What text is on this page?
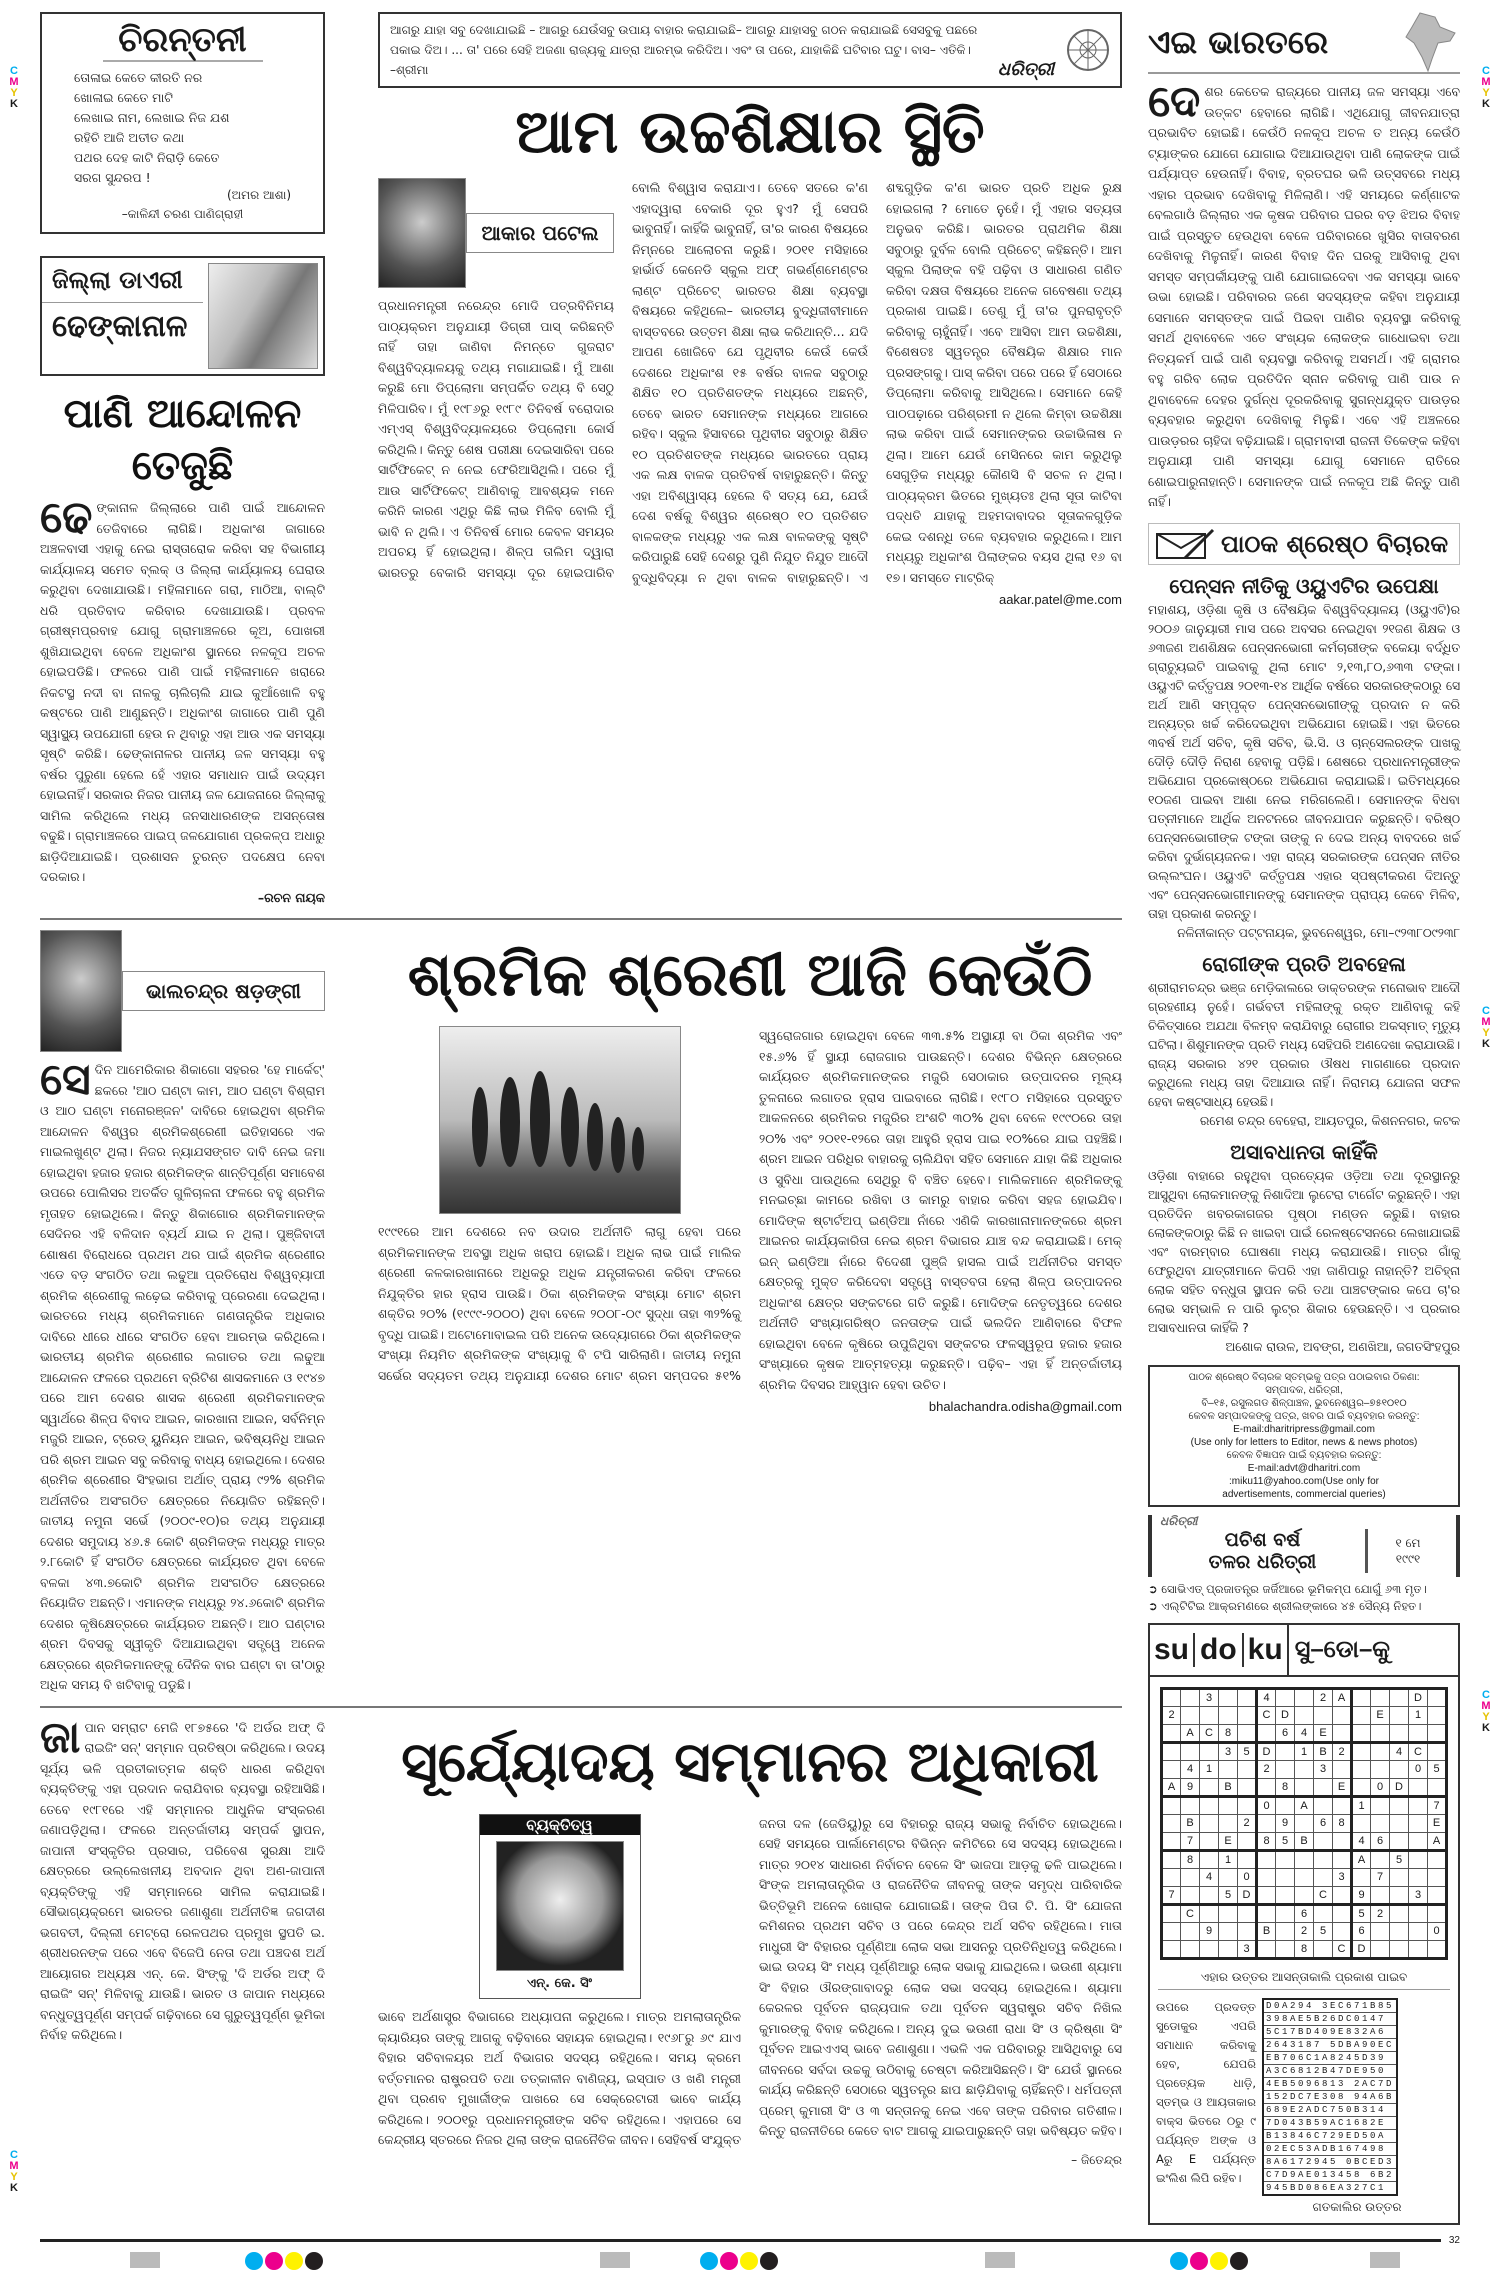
C
M
Y
K
C
M
Y
K
C
M
Y
K
C
M
Y
K
C
M
Y
K
ଚିରନ୍ତନୀ
ତୋଳାଇ କେତେ କୀରତି ନର
ଖୋଳାଇ କେତେ ମାଟି
ଲେଖାଇ ନାମ, ଲେଖାଇ ନିଜ ଯଶ
ରହିଚି ଆଜି ଅତୀତ କଥା
ପଥର ଦେହ କାଟି ନିରାଡ଼ି କେତେ
ସରଗ ସୁନ୍ଦରପ !
(ଅମର ଆଶା)
–କାଳିନ୍ଦୀ ଚରଣ ପାଣିଗ୍ରାହୀ
ଜିଲ୍ଲା ଡାଏରୀ
ଢେଙ୍କାନାଳ
ପାଣି ଆନ୍ଦୋଳନ ତେଜୁଛି
ଢେଙ୍କାନାଳ ଜିଲ୍ଲାରେ ପାଣି ପାଇଁ ଆନ୍ଦୋଳନ ତେଜିବାରେ ଲାଗିଛି। ଅଧିକାଂଶ ଜାଗାରେ ଅଞ୍ଚଳବାସୀ ଏହାକୁ ନେଇ ରାସ୍ତାରୋକ କରିବା ସହ ବିଭାଗୀୟ କାର୍ଯ୍ୟାଳୟ ସମେତ ବ୍ଲକ୍ ଓ ଜିଲ୍ଲା କାର୍ଯ୍ୟାଳୟ ଘେରାଉ କରୁଥିବା ଦେଖାଯାଉଛି। ମହିଳାମାନେ ଗରା, ମାଠିଆ, ବାଲ୍‌ଟି ଧରି ପ୍ରତିବାଦ କରିବାର ଦେଖାଯାଉଛି। ପ୍ରବଳ ଗ୍ରୀଷ୍ମପ୍ରବାହ ଯୋଗୁ ଗ୍ରାମାଞ୍ଚଳରେ କୂଅ, ପୋଖରୀ ଶୁଖିଯାଇଥିବା ବେଳେ ଅଧିକାଂଶ ସ୍ଥାନରେ ନଳକୂପ ଅଚଳ ହୋଇପଡିଛି। ଫଳରେ ପାଣି ପାଇଁ ମହିଳାମାନେ ଖରାରେ ନିକଟସ୍ଥ ନଦୀ ବା ନାଳକୁ ଚାଲିଚାଲି ଯାଇ କୁଆଁଖୋଳି ବହୁ କଷ୍ଟରେ ପାଣି ଆଣୁଛନ୍ତି। ଅଧିକାଂଶ ଜାଗାରେ ପାଣି ପୁଣି ସ୍ୱାସ୍ଥ୍ୟ ଉପଯୋଗୀ ହେଉ ନ ଥିବାରୁ ଏହା ଆଉ ଏକ ସମସ୍ୟା ସୃଷ୍ଟି କରିଛି। ଢେଙ୍କାନାଳର ପାନୀୟ ଜଳ ସମସ୍ୟା ବହୁ ବର୍ଷର ପୁରୁଣା ହେଲେ ହେଁ ଏହାର ସମାଧାନ ପାଇଁ ଉଦ୍ୟମ ହୋଇନାହିଁ। ସରକାର ନିଜର ପାନୀୟ ଜଳ ଯୋଜନାରେ ଜିଲ୍ଲାକୁ ସାମିଲ କରିଥିଲେ ମଧ୍ୟ ଜନସାଧାରଣଙ୍କ ଅସନ୍ତୋଷ ବଢୁଛି। ଗ୍ରାମାଞ୍ଚଳରେ ପାଇପ୍ ଜଳଯୋଗାଣ ପ୍ରକଳ୍ପ ଅଧାରୁ ଛାଡ଼ିଦିଆଯାଇଛି। ପ୍ରଶାସନ ତୁରନ୍ତ ପଦକ୍ଷେପ ନେବା ଦରକାର।
–ରଚନ ନାୟକ
ଆଗରୁ ଯାହା ସବୁ ଦେଖାଯାଇଛି – ଆଗରୁ ଯେଉଁସବୁ ଉପାୟ ବାହାର କରାଯାଇଛି– ଆଗରୁ ଯାହାସବୁ ଗଠନ କରାଯାଇଛି ସେସବୁକୁ ପଛରେ ପକାଇ ଦିଅ। ... ତା' ପରେ ସେହି ଅଜଣା ରାଜ୍ୟକୁ ଯାତ୍ରା ଆରମ୍ଭ କରିଦିଅ। ଏବଂ ତା ପରେ, ଯାହାକିଛି ଘଟିବାର ଘଟୁ। ବାସ– ଏତିକି।   –ଶ୍ରୀମା	ଧରିତ୍ରୀ
ଆମ ଉଚ୍ଚଶିକ୍ଷାର ସ୍ଥିତି
ଆକାର ପଟେଲ
ପ୍ରଧାନମନ୍ତ୍ରୀ ନରେନ୍ଦ୍ର ମୋଦି ପତ୍ରବିନିମୟ ପାଠ୍ୟକ୍ରମ ଅନୁଯାୟୀ ଡିଗ୍ରୀ ପାସ୍ କରିଛନ୍ତି ନାହିଁ ତାହା ଜାଣିବା ନିମନ୍ତେ ଗୁଜରାଟ ବିଶ୍ୱବିଦ୍ୟାଳୟକୁ ତଥ୍ୟ ମଗାଯାଇଛି। ମୁଁ ଆଶା କରୁଛି ମୋ ଡିପ୍ଲୋମା ସମ୍ପର୍କିତ ତଥ୍ୟ ବି ସେଠୁ ମିଳିପାରିବ। ମୁଁ ୧୯୮୬ରୁ ୧୯୮୯ ତିନିବର୍ଷ ବରୋଦାର ଏମ୍‌ଏସ୍ ବିଶ୍ୱବିଦ୍ୟାଳୟରେ ଡିପ୍ଲୋମା କୋର୍ସ କରିଥିଲି। କିନ୍ତୁ ଶେଷ ପରୀକ୍ଷା ଦେଇସାରିବା ପରେ ସାର୍ଟିଫିକେଟ୍ ନ ନେଇ ଫେରିଆସିଥିଲି। ପରେ ମୁଁ ଆଉ ସାର୍ଟିଫିକେଟ୍ ଆଣିବାକୁ ଆବଶ୍ୟକ ମନେ କରିନି କାରଣ ଏଥିରୁ କିଛି ଲାଭ ମିଳିବ ବୋଲି ମୁଁ ଭାବି ନ ଥିଲି। ଏ ତିନିବର୍ଷ ମୋର କେବଳ ସମୟର ଅପଚୟ ହିଁ ହୋଇଥିଲା। ଶିଳ୍ପ ତାଲିମ ଦ୍ୱାରା ଭାରତରୁ ବେକାରି ସମସ୍ୟା ଦୂର ହୋଇପାରିବ ବୋଲି ବିଶ୍ୱାସ କରାଯାଏ। ତେବେ ସତରେ କ'ଣ ଏହାଦ୍ୱାରା ବେକାରି ଦୂର ହୁଏ? ମୁଁ ସେପରି ଭାବୁନାହିଁ। କାହିଁକି ଭାବୁନାହିଁ, ତା'ର କାରଣ ବିଷୟରେ ନିମ୍ନରେ ଆଲୋଚନା କରୁଛି। ୨୦୧୧ ମସିହାରେ ହାର୍ଭାର୍ଡ କେନେଡି ସ୍କୁଲ ଅଫ୍ ଗଭର୍ଣ୍ଣମେଣ୍ଟର ଲାଣ୍ଟ ପ୍ରିଚେଟ୍ ଭାରତର ଶିକ୍ଷା ବ୍ୟବସ୍ଥା ବିଷୟରେ କହିଥିଲେ– ଭାରତୀୟ ବୁଦ୍ଧିଜୀବୀମାନେ ବାସ୍ତବରେ ଉତ୍ତମ ଶିକ୍ଷା ଲାଭ କରିଥାନ୍ତି... ଯଦି ଆପଣ ଖୋଜିବେ ଯେ ପୃଥିବୀର କେଉଁ କେଉଁ ଦେଶରେ ଅଧିକାଂଶ ୧୫ ବର୍ଷର ବାଳକ ସବୁଠାରୁ ଶିକ୍ଷିତ ୧୦ ପ୍ରତିଶତଙ୍କ ମଧ୍ୟରେ ଅଛନ୍ତି, ତେବେ ଭାରତ ସେମାନଙ୍କ ମଧ୍ୟରେ ଆଗରେ ରହିବ। ସ୍କୁଲ ହିସାବରେ ପୃଥିବୀର ସବୁଠାରୁ ଶିକ୍ଷିତ ୧୦ ପ୍ରତିଶତଙ୍କ ମଧ୍ୟରେ ଭାରତରେ ପ୍ରାୟ ଏକ ଲକ୍ଷ ବାଳକ ପ୍ରତିବର୍ଷ ବାହାରୁଛନ୍ତି। କିନ୍ତୁ ଏହା ଅବିଶ୍ୱାସ୍ୟ ହେଲେ ବି ସତ୍ୟ ଯେ, ଯେଉଁ ଦେଶ ବର୍ଷକୁ ବିଶ୍ୱର ଶ୍ରେଷ୍ଠ ୧୦ ପ୍ରତିଶତ ବାଳକଙ୍କ ମଧ୍ୟରୁ ଏକ ଲକ୍ଷ ବାଳକଙ୍କୁ ସୃଷ୍ଟି କରିପାରୁଛି ସେହି ଦେଶରୁ ପୁଣି ନିଯୁତ ନିଯୁତ ଆଦୌ ବୁଦ୍ଧିବିଦ୍ୟା ନ ଥିବା ବାଳକ ବାହାରୁଛନ୍ତି। ଏ ଶବ୍ଦଗୁଡ଼ିକ କ'ଣ ଭାରତ ପ୍ରତି ଅଧିକ ରୁକ୍ଷ ହୋଇଗଲା ? ମୋତେ ନୁହେଁ। ମୁଁ ଏହାର ସତ୍ୟତା ଅନୁଭବ କରିଛି। ଭାରତର ପ୍ରାଥମିକ ଶିକ୍ଷା ସବୁଠାରୁ ଦୁର୍ବଳ ବୋଲି ପ୍ରିଚେଟ୍ କହିଛନ୍ତି। ଆମ ସ୍କୁଲ ପିଲାଙ୍କ ବହି ପଢ଼ିବା ଓ ସାଧାରଣ ଗଣିତ କରିବା ଦକ୍ଷତା ବିଷୟରେ ଅନେକ ଗବେଷଣା ତଥ୍ୟ ପ୍ରକାଶ ପାଇଛି। ତେଣୁ ମୁଁ ତା'ର ପୁନରାବୃତ୍ତି କରିବାକୁ ଚାହୁଁନାହିଁ। ଏବେ ଆସିବା ଆମ ଉଚ୍ଚଶିକ୍ଷା, ବିଶେଷତଃ ସ୍ୱତନ୍ତ୍ର ବୈଷୟିକ ଶିକ୍ଷାର ମାନ ପ୍ରସଙ୍ଗକୁ। ପାସ୍ କରିବା ପରେ ପରେ ହିଁ ସେଠାରେ ଡିପ୍ଲୋମା କରିବାକୁ ଆସିଥିଲେ। ସେମାନେ କେହି ପାଠପଢ଼ାରେ ପରିଶ୍ରମୀ ନ ଥିଲେ କିମ୍ବା ଉଚ୍ଚଶିକ୍ଷା ଲାଭ କରିବା ପାଇଁ ସେମାନଙ୍କର ଉଚ୍ଚାଭିଳାଷ ନ ଥିଲା। ଆମେ ଯେଉଁ ମେସିନରେ କାମ କରୁଥିଲୁ ସେଗୁଡ଼ିକ ମଧ୍ୟରୁ କୌଣସି ବି ସଚଳ ନ ଥିଲା। ପାଠ୍ୟକ୍ରମ ଭିତରେ ମୁଖ୍ୟତଃ ଥିଲା ସୂତା କାଟିବା ପଦ୍ଧତି ଯାହାକୁ ଅହମଦାବାଦର ସୂତାକଳଗୁଡ଼ିକ କେଇ ଦଶନ୍ଧି ତଳେ ବ୍ୟବହାର କରୁଥିଲେ। ଆମ ମଧ୍ୟରୁ ଅଧିକାଂଶ ପିଲାଙ୍କର ବୟସ ଥିଲା ୧୬ ବା ୧୭। ସମସ୍ତେ ମାଟ୍ରିକ୍
aakar.patel@me.com
ଭାଲଚନ୍ଦ୍ର ଷଡ଼ଙ୍ଗୀ
ସେଦିନ ଆମେରିକାର ଶିକାଗୋ ସହରର 'ହେ ମାର୍କେଟ୍' ଛକରେ 'ଆଠ ଘଣ୍ଟା କାମ, ଆଠ ଘଣ୍ଟା ବିଶ୍ରାମ ଓ ଆଠ ଘଣ୍ଟା ମନୋରଞ୍ଜନ' ଦାବିରେ ହୋଇଥିବା ଶ୍ରମିକ ଆନ୍ଦୋଳନ ବିଶ୍ୱର ଶ୍ରମିକଶ୍ରେଣୀ ଇତିହାସରେ ଏକ ମାଇଲଖୁଣ୍ଟ ଥିଲା। ନିଜର ନ୍ୟାଯସଙ୍ଗତ ଦାବି ନେଇ ଜମା ହୋଇଥିବା ହଜାର ହଜାର ଶ୍ରମିକଙ୍କ ଶାନ୍ତିପୂର୍ଣ୍ଣ ସମାବେଶ ଉପରେ ପୋଲିସର ଅତର୍କିତ ଗୁଳିଚାଳନା ଫଳରେ ବହୁ ଶ୍ରମିକ ମୃତାହତ ହୋଇଥିଲେ। କିନ୍ତୁ ଶିକାଗୋର ଶ୍ରମିକମାନଙ୍କ ସେଦିନର ଏହି ବଳିଦାନ ବ୍ୟର୍ଥ ଯାଇ ନ ଥିଲା। ପୁଞ୍ଜିବାଦୀ ଶୋଷଣ ବିରୋଧରେ ପ୍ରଥମ ଥର ପାଇଁ ଶ୍ରମିକ ଶ୍ରେଣୀର ଏଡେ ବଡ଼ ସଂଗଠିତ ତଥା ଲଢୁଆ ପ୍ରତିରୋଧ ବିଶ୍ୱବ୍ୟାପୀ ଶ୍ରମିକ ଶ୍ରେଣୀକୁ ଲଢ଼େଇ କରିବାକୁ ପ୍ରେରଣା ଦେଇଥିଲା। ଭାରତରେ ମଧ୍ୟ ଶ୍ରମିକମାନେ ଗଣତାନ୍ତ୍ରିକ ଅଧିକାର ଦାବିରେ ଧୀରେ ଧୀରେ ସଂଗଠିତ ହେବା ଆରମ୍ଭ କରିଥିଲେ। ଭାରତୀୟ ଶ୍ରମିକ ଶ୍ରେଣୀର ଲଗାତର ତଥା ଲଢୁଆ ଆନ୍ଦୋଳନ ଫଳରେ ପ୍ରଥମେ ବ୍ରିଟିଶ ଶାସକମାନେ ଓ ୧୯୪୭ ପରେ ଆମ ଦେଶର ଶାସକ ଶ୍ରେଣୀ ଶ୍ରମିକମାନଙ୍କ ସ୍ୱାର୍ଥରେ ଶିଳ୍ପ ବିବାଦ ଆଇନ, କାରଖାନା ଆଇନ, ସର୍ବନିମ୍ନ ମଜୁରି ଆଇନ, ଟ୍ରେଡ୍ ୟୁନିୟନ ଆଇନ, ଭବିଷ୍ୟନିଧି ଆଇନ ପରି ଶ୍ରମ ଆଇନ ସବୁ କରିବାକୁ ବାଧ୍ୟ ହୋଇଥିଲେ। ଦେଶର ଶ୍ରମିକ ଶ୍ରେଣୀର ସିଂହଭାଗ ଅର୍ଥାତ୍ ପ୍ରାୟ ୯୨% ଶ୍ରମିକ ଅର୍ଥନୀତିର ଅସଂଗଠିତ କ୍ଷେତ୍ରରେ ନିୟୋଜିତ ରହିଛନ୍ତି। ଜାତୀୟ ନମୁନା ସର୍ଭେ (୨୦୦୯-୧୦)ର ତଥ୍ୟ ଅନୁଯାୟୀ ଦେଶର ସମୁଦାୟ ୪୬.୫ କୋଟି ଶ୍ରମିକଙ୍କ ମଧ୍ୟରୁ ମାତ୍ର ୨.୮କୋଟି ହିଁ ସଂଗଠିତ କ୍ଷେତ୍ରରେ କାର୍ଯ୍ୟରତ ଥିବା ବେଳେ ବଳକା ୪୩.୭କୋଟି ଶ୍ରମିକ ଅସଂଗଠିତ କ୍ଷେତ୍ରରେ ନିୟୋଜିତ ଅଛନ୍ତି। ଏମାନଙ୍କ ମଧ୍ୟରୁ ୨୪.୬କୋଟି ଶ୍ରମିକ ଦେଶର କୃଷିକ୍ଷେତ୍ରରେ କାର୍ଯ୍ୟରତ ଅଛନ୍ତି। ଆଠ ଘଣ୍ଟାର ଶ୍ରମ ଦିବସକୁ ସ୍ୱୀକୃତି ଦିଆଯାଇଥିବା ସତ୍ତ୍ୱେ ଅନେକ କ୍ଷେତ୍ରରେ ଶ୍ରମିକମାନଙ୍କୁ ଦୈନିକ ବାର ଘଣ୍ଟା ବା ତା'ଠାରୁ ଅଧିକ ସମୟ ବି ଖଟିବାକୁ ପଡୁଛି।
ଶ୍ରମିକ ଶ୍ରେଣୀ ଆଜି କେଉଁଠି
୧୯୯୧ରେ ଆମ ଦେଶରେ ନବ ଉଦାର ଅର୍ଥନୀତି ଲାଗୁ ହେବା ପରେ ଶ୍ରମିକମାନଙ୍କ ଅବସ୍ଥା ଅଧିକ ଖରାପ ହୋଇଛି। ଅଧିକ ଲାଭ ପାଇଁ ମାଲିକ ଶ୍ରେଣୀ କଳକାରଖାନାରେ ଅଧିକରୁ ଅଧିକ ଯନ୍ତ୍ରୀକରଣ କରିବା ଫଳରେ ନିଯୁକ୍ତିର ହାର ହ୍ରାସ ପାଉଛି। ଠିକା ଶ୍ରମିକଙ୍କ ସଂଖ୍ୟା ମୋଟ ଶ୍ରମ ଶକ୍ତିର ୨୦% (୧୯୯୯-୨୦୦୦) ଥିବା ବେଳେ ୨୦୦୮-୦୯ ସୁଦ୍ଧା ତାହା ୩୨%କୁ ବୃଦ୍ଧି ପାଇଛି। ଅଟୋମୋବାଇଲ ପରି ଅନେକ ଉଦ୍ୟୋଗରେ ଠିକା ଶ୍ରମିକଙ୍କ ସଂଖ୍ୟା ନିୟମିତ ଶ୍ରମିକଙ୍କ ସଂଖ୍ୟାକୁ ବି ଟପି ସାରିଲାଣି। ଜାତୀୟ ନମୁନା ସର୍ଭେର ସଦ୍ୟତମ ତଥ୍ୟ ଅନୁଯାୟୀ ଦେଶର ମୋଟ ଶ୍ରମ ସମ୍ପଦର ୫୧% ସ୍ୱରୋଜଗାର ହୋଇଥିବା ବେଳେ ୩୩.୫% ଅସ୍ଥାୟୀ ବା ଠିକା ଶ୍ରମିକ ଏବଂ ୧୫.୬% ହିଁ ସ୍ଥାୟୀ ରୋଜଗାର ପାଉଛନ୍ତି। ଦେଶର ବିଭିନ୍ନ କ୍ଷେତ୍ରରେ କାର୍ଯ୍ୟରତ ଶ୍ରମିକମାନଙ୍କର ମଜୁରି ସେଠାକାର ଉତ୍ପାଦନର ମୂଲ୍ୟ ତୁଳନାରେ ଲଗାତର ହ୍ରାସ ପାଇବାରେ ଲାଗିଛି। ୧୯୮୦ ମସିହାରେ ପ୍ରସ୍ତୁତ ଆକଳନରେ ଶ୍ରମିକର ମଜୁରିର ଅଂଶଟି ୩୦% ଥିବା ବେଳେ ୧୯୯୦ରେ ତାହା ୨୦% ଏବଂ ୨୦୧୧-୧୨ରେ ତାହା ଆହୁରି ହ୍ରାସ ପାଇ ୧୦%ରେ ଯାଇ ପହଞ୍ଚିଛି। ଶ୍ରମ ଆଇନ ପରିଧିର ବାହାରକୁ ଚାଲିଯିବା ସହିତ ସେମାନେ ଯାହା କିଛି ଅଧିକାର ଓ ସୁବିଧା ପାଉଥିଲେ ସେଥିରୁ ବି ବଞ୍ଚିତ ହେବେ। ମାଲିକମାନେ ଶ୍ରମିକଙ୍କୁ ମନଇଚ୍ଛା କାମରେ ରଖିବା ଓ କାମରୁ ବାହାର କରିବା ସହଜ ହୋଇଯିବ। ମୋଦିଙ୍କ ଷ୍ଟାର୍ଟଅପ୍ ଇଣ୍ଡିଆ ନାଁରେ ଏଣିକି କାରଖାନାମାନଙ୍କରେ ଶ୍ରମ ଆଇନର କାର୍ଯ୍ୟକାରିତା ନେଇ ଶ୍ରମ ବିଭାଗର ଯାଞ୍ଚ ବନ୍ଦ କରାଯାଇଛି। ମେକ୍ ଇନ୍ ଇଣ୍ଡିଆ ନାଁରେ ବିଦେଶୀ ପୁଞ୍ଜି ହାସଲ ପାଇଁ ଅର୍ଥନୀତିର ସମସ୍ତ କ୍ଷେତ୍ରକୁ ମୁକ୍ତ କରିଦେବା ସତ୍ତ୍ୱେ ବାସ୍ତବତା ହେଲା ଶିଳ୍ପ ଉତ୍ପାଦନର ଅଧିକାଂଶ କ୍ଷେତ୍ର ସଙ୍କଟରେ ଗତି କରୁଛି। ମୋଦିଙ୍କ ନେତୃତ୍ୱରେ ଦେଶର ଅର୍ଥନୀତି ସଂଖ୍ୟାଗରିଷ୍ଠ ଜନତାଙ୍କ ପାଇଁ ଭଲଦିନ ଆଣିବାରେ ବିଫଳ ହୋଇଥିବା ବେଳେ କୃଷିରେ ଉପୁଜିଥିବା ସଙ୍କଟର ଫଳସ୍ୱରୂପ ହଜାର ହଜାର ସଂଖ୍ୟାରେ କୃଷକ ଆତ୍ମହତ୍ୟା କରୁଛନ୍ତି। ପଢ଼ିବ– ଏହା ହିଁ ଅନ୍ତର୍ଜାତୀୟ ଶ୍ରମିକ ଦିବସର ଆହ୍ୱାନ ହେବା ଉଚିତ।
bhalachandra.odisha@gmail.com
ଜାପାନ ସମ୍ରାଟ ମେଜି ୧୮୭୫ରେ 'ଦି ଅର୍ଡର ଅଫ୍ ଦି ରାଇଜିଂ ସନ୍' ସମ୍ମାନ ପ୍ରତିଷ୍ଠା କରିଥିଲେ। ଉଦୟ ସୂର୍ଯ୍ୟ ଭଳି ପ୍ରତୀକାତ୍ମକ ଶକ୍ତି ଧାରଣ କରିଥିବା ବ୍ୟକ୍ତିଙ୍କୁ ଏହା ପ୍ରଦାନ କରାଯିବାର ବ୍ୟବସ୍ଥା ରହିଆସିଛି। ତେବେ ୧୯୮୧ରେ ଏହି ସମ୍ମାନର ଆଧୁନିକ ସଂସ୍କରଣ ଜଣାପଡ଼ିଥିଲା। ଫଳରେ ଅନ୍ତର୍ଜାତୀୟ ସମ୍ପର୍କ ସ୍ଥାପନ, ଜାପାନୀ ସଂସ୍କୃତିର ପ୍ରସାର, ପରିବେଶ ସୁରକ୍ଷା ଆଦି କ୍ଷେତ୍ରରେ ଉଲ୍ଲେଖନୀୟ ଅବଦାନ ଥିବା ଅଣ-ଜାପାନୀ ବ୍ୟକ୍ତିଙ୍କୁ ଏହି ସମ୍ମାନରେ ସାମିଲ କରାଯାଇଛି। ସୌଭାଗ୍ୟକ୍ରମେ ଭାରତର ଜଣାଶୁଣା ଅର୍ଥନୀତିଜ୍ଞ ଜଗଦୀଶ ଭଗବତୀ, ଦିଲ୍ଲୀ ମେଟ୍ରୋ ରେଳପଥର ପ୍ରମୁଖ ସ୍ଥପତି ଇ. ଶ୍ରୀଧରନଙ୍କ ପରେ ଏବେ ବିଜେପି ନେତା ତଥା ପଞ୍ଚଦଶ ଅର୍ଥ ଆୟୋଗର ଅଧ୍ୟକ୍ଷ ଏନ୍. କେ. ସିଂଙ୍କୁ 'ଦି ଅର୍ଡର ଅଫ୍ ଦି ରାଇଜିଂ ସନ୍' ମିଳିବାକୁ ଯାଉଛି। ଭାରତ ଓ ଜାପାନ ମଧ୍ୟରେ ବନ୍ଧୁତ୍ୱପୂର୍ଣ୍ଣ ସମ୍ପର୍କ ଗଢ଼ିବାରେ ସେ ଗୁରୁତ୍ୱପୂର୍ଣ୍ଣ ଭୂମିକା ନିର୍ବାହ କରିଥିଲେ।
ସୂର୍ଯ୍ୟୋଦୟ ସମ୍ମାନର ଅଧିକାରୀ
ବ୍ୟକ୍ତିତ୍ୱ
ଏନ୍. କେ. ସିଂ
ଭାବେ ଅର୍ଥଶାସ୍ତ୍ର ବିଭାଗରେ ଅଧ୍ୟାପନା କରୁଥିଲେ। ମାତ୍ର ଅମଲାତାନ୍ତ୍ରିକ କ୍ୟାରିୟର ତାଙ୍କୁ ଆଗକୁ ବଢ଼ିବାରେ ସହାୟକ ହୋଇଥିଲା। ୧୯୬୮ରୁ ୬୯ ଯାଏ ବିହାର ସଚିବାଳୟର ଅର୍ଥ ବିଭାଗର ସଦସ୍ୟ ରହିଥିଲେ। ସମୟ କ୍ରମେ ବର୍ତ୍ତମାନର ରାଷ୍ଟ୍ରପତି ତଥା ତତ୍କାଳୀନ ବାଣିଜ୍ୟ, ଇସ୍ପାତ ଓ ଖଣି ମନ୍ତ୍ରୀ ଥିବା ପ୍ରଣବ ମୁଖାର୍ଜୀଙ୍କ ପାଖରେ ସେ ସେକ୍ରେଟାରୀ ଭାବେ କାର୍ଯ୍ୟ କରିଥିଲେ। ୨୦୦୧ରୁ ପ୍ରଧାନମନ୍ତ୍ରୀଙ୍କ ସଚିବ ରହିଥିଲେ। ଏହାପରେ ସେ କେନ୍ଦ୍ରୀୟ ସ୍ତରରେ ନିଜର ଥିଲା ତାଙ୍କ ରାଜନୈତିକ ଜୀବନ। ସେହିବର୍ଷ ସଂଯୁକ୍ତ ଜନତା ଦଳ (ଜେଡିୟୁ)ରୁ ସେ ବିହାରରୁ ରାଜ୍ୟ ସଭାକୁ ନିର୍ବାଚିତ ହୋଇଥିଲେ। ସେହି ସମୟରେ ପାର୍ଲାମେଣ୍ଟର ବିଭିନ୍ନ କମିଟିରେ ସେ ସଦସ୍ୟ ହୋଇଥିଲେ। ମାତ୍ର ୨୦୧୪ ସାଧାରଣ ନିର୍ବାଚନ ବେଳେ ସିଂ ଭାଜପା ଆଡ଼କୁ ଢଳି ପାଇଥିଲେ। ସିଂଙ୍କ ଅମଲାତାନ୍ତ୍ରିକ ଓ ରାଜନୈତିକ ଜୀବନକୁ ତାଙ୍କ ସମୃଦ୍ଧ ପାରିବାରିକ ଭିତ୍ତିଭୂମି ଅନେକ ଖୋରାକ ଯୋଗାଇଛି। ତାଙ୍କ ପିତା ଟି. ପି. ସିଂ ଯୋଜନା କମିଶନର ପ୍ରଥମ ସଚିବ ଓ ପରେ କେନ୍ଦ୍ର ଅର୍ଥ ସଚିବ ରହିଥିଲେ। ମାତା ମାଧୁରୀ ସିଂ ବିହାରର ପୂର୍ଣ୍ଣିଆ ଲୋକ ସଭା ଆସନରୁ ପ୍ରତିନିଧିତ୍ୱ କରିଥିଲେ। ଭାଇ ଉଦୟ ସିଂ ମଧ୍ୟ ପୂର୍ଣ୍ଣିଆରୁ ଲୋକ ସଭାକୁ ଯାଇଥିଲେ। ଭଉଣୀ ଶ୍ୟାମା ସିଂ ବିହାର ଔରଙ୍ଗାବାଦରୁ ଲୋକ ସଭା ସଦସ୍ୟ ହୋଇଥିଲେ। ଶ୍ୟାମା କେରଳର ପୂର୍ବତନ ରାଜ୍ୟପାଳ ତଥା ପୂର୍ବତନ ସ୍ୱରାଷ୍ଟ୍ର ସଚିବ ନିଖିଲ କୁମାରଙ୍କୁ ବିବାହ କରିଥିଲେ। ଅନ୍ୟ ଦୁଇ ଭଉଣୀ ରାଧା ସିଂ ଓ କ୍ରିଷ୍ଣା ସିଂ ପୂର୍ବତନ ଆଇଏଏସ୍ ଭାବେ ଜଣାଶୁଣା। ଏଭଳି ଏକ ପରିବାରରୁ ଆସିଥିବାରୁ ସେ ଜୀବନରେ ସର୍ବଦା ଉଚ୍ଚକୁ ଉଠିବାକୁ ଚେଷ୍ଟା କରିଆସିଛନ୍ତି। ସିଂ ଯେଉଁ ସ୍ଥାନରେ କାର୍ଯ୍ୟ କରିଛନ୍ତି ସେଠାରେ ସ୍ୱତନ୍ତ୍ର ଛାପ ଛାଡ଼ିଯିବାକୁ ଚାହିଁଛନ୍ତି। ଧର୍ମପତ୍ନୀ ପ୍ରେମ୍ କୁମାରୀ ସିଂ ଓ ୩ ସନ୍ତାନକୁ ନେଇ ଏବେ ତାଙ୍କ ପରିବାର ଗତିଶୀଳ। କିନ୍ତୁ ରାଜନୀତିରେ କେତେ ବାଟ ଆଗକୁ ଯାଇପାରୁଛନ୍ତି ତାହା ଭବିଷ୍ୟତ କହିବ।
– ଜିତେନ୍ଦ୍ର
ଏଇ ଭାରତରେ
ଦେଶର କେତେକ ରାଜ୍ୟରେ ପାନୀୟ ଜଳ ସମସ୍ୟା ଏବେ ଉତ୍କଟ ହେବାରେ ଲାଗିଛି। ଏଥିଯୋଗୁ ଜୀବନଯାତ୍ରା ପ୍ରଭାବିତ ହୋଇଛି। କେଉଁଠି ନଳକୂପ ଅଚଳ ତ ଅନ୍ୟ କେଉଁଠି ଟ୍ୟାଙ୍କର ଯୋଗେ ଯୋଗାଇ ଦିଆଯାଉଥିବା ପାଣି ଲୋକଙ୍କ ପାଇଁ ପର୍ଯ୍ୟାପ୍ତ ହେଉନାହିଁ। ବିବାହ, ବ୍ରତଘର ଭଳି ଉତ୍ସବରେ ମଧ୍ୟ ଏହାର ପ୍ରଭାବ ଦେଖିବାକୁ ମିଳିଲାଣି। ଏହି ସମୟରେ କର୍ଣ୍ଣାଟକ ବେଲଗାଓଁ ଜିଲ୍ଲାର ଏକ କୃଷକ ପରିବାର ଘରର ବଡ଼ ଝିଅର ବିବାହ ପାଇଁ ପ୍ରସ୍ତୁତ ହେଉଥିବା ବେଳେ ପରିବାରରେ ଖୁସିର ବାତାବରଣ ଦେଖିବାକୁ ମିଳୁନାହିଁ। କାରଣ ବିବାହ ଦିନ ଘରକୁ ଆସିବାକୁ ଥିବା ସମସ୍ତ ସମ୍ପର୍କୀୟଙ୍କୁ ପାଣି ଯୋଗାଇଦେବା ଏକ ସମସ୍ୟା ଭାବେ ଉଭା ହୋଇଛି। ପରିବାରର ଜଣେ ସଦସ୍ୟଙ୍କ କହିବା ଅନୁଯାୟୀ ସେମାନେ ସମସ୍ତଙ୍କ ପାଇଁ ପିଇବା ପାଣିର ବ୍ୟବସ୍ଥା କରିବାକୁ ସମର୍ଥ ଥିବାବେଳେ ଏତେ ସଂଖ୍ୟକ ଲୋକଙ୍କ ଗାଧୋଇବା ତଥା ନିତ୍ୟକର୍ମ ପାଇଁ ପାଣି ବ୍ୟବସ୍ଥା କରିବାକୁ ଅସମର୍ଥ। ଏହି ଗ୍ରାମର ବହୁ ଗରିବ ଲୋକ ପ୍ରତିଦିନ ସ୍ନାନ କରିବାକୁ ପାଣି ପାଉ ନ ଥିବାବେଳେ ଦେହର ଦୁର୍ଗନ୍ଧ ଦୂରକରିବାକୁ ସୁଗନ୍ଧଯୁକ୍ତ ପାଉଡ଼ର ବ୍ୟବହାର କରୁଥିବା ଦେଖିବାକୁ ମିଳୁଛି। ଏବେ ଏହି ଅଞ୍ଚଳରେ ପାଉଡ଼ରର ଚାହିଦା ବଢ଼ିଯାଇଛି। ଗ୍ରାମବାସୀ ରାଜନୀ ତିକେଙ୍କ କହିବା ଅନୁଯାୟୀ ପାଣି ସମସ୍ୟା ଯୋଗୁ ସେମାନେ ରାତିରେ ଶୋଇପାରୁନାହାନ୍ତି। ସେମାନଙ୍କ ପାଇଁ ନଳକୂପ ଅଛି କିନ୍ତୁ ପାଣି ନାହିଁ।
ପାଠକ ଶ୍ରେଷ୍ଠ ବିଚାରକ
ପେନ୍‌ସନ ନୀତିକୁ ଓୟୁଏଟିର ଉପେକ୍ଷା
ମହାଶୟ, ଓଡ଼ିଶା କୃଷି ଓ ବୈଷୟିକ ବିଶ୍ୱବିଦ୍ୟାଳୟ (ଓୟୁଏଟି)ର ୨୦୦୬ ଜାନୁୟାରୀ ମାସ ପରେ ଅବସର ନେଇଥିବା ୨୧ଜଣ ଶିକ୍ଷକ ଓ ୬୩ଜଣ ଅଣଶିକ୍ଷକ ପେନ୍‌ସନଭୋଗୀ କର୍ମଚାରୀଙ୍କ ବକେୟା ବର୍ଦ୍ଧିତ ଗ୍ରାଚ୍ୟୁଇଟି ପାଇବାକୁ ଥିଲା ମୋଟ ୨,୧୩,୮୦,୬୩୩ ଟଙ୍କା। ଓୟୁଏଟି କର୍ତ୍ତୃପକ୍ଷ ୨୦୧୩-୧୪ ଆର୍ଥିକ ବର୍ଷରେ ସରକାରଙ୍କଠାରୁ ସେ ଅର୍ଥ ଆଣି ସମ୍ପୃକ୍ତ ପେନ୍‌ସନଭୋଗୀଙ୍କୁ ପ୍ରଦାନ ନ କରି ଅନ୍ୟତ୍ର ଖର୍ଚ୍ଚ କରିଦେଇଥିବା ଅଭିଯୋଗ ହୋଇଛି। ଏହା ଭିତରେ ୩ବର୍ଷ ଅର୍ଥ ସଚିବ, କୃଷି ସଚିବ, ଭି.ସି. ଓ ଚାନ୍‌ସେଲରଙ୍କ ପାଖକୁ ଦୌଡ଼ି ଦୌଡ଼ି ନିରାଶ ହେବାକୁ ପଡ଼ିଛି। ଶେଷରେ ପ୍ରଧାନମନ୍ତ୍ରୀଙ୍କ ଅଭିଯୋଗ ପ୍ରକୋଷ୍ଠରେ ଅଭିଯୋଗ କରାଯାଇଛି। ଇତିମଧ୍ୟରେ ୧୦ଜଣ ପାଇବା ଆଶା ନେଇ ମରିଗଲେଣି। ସେମାନଙ୍କ ବିଧବା ପତ୍ନୀମାନେ ଆର୍ଥିକ ଅନଟନରେ ଜୀବନଯାପନ କରୁଛନ୍ତି। ବରିଷ୍ଠ ପେନ୍‌ସନଭୋଗୀଙ୍କ ଟଙ୍କା ତାଙ୍କୁ ନ ଦେଇ ଅନ୍ୟ ବାବଦରେ ଖର୍ଚ୍ଚ କରିବା ଦୁର୍ଭାଗ୍ୟଜନକ। ଏହା ରାଜ୍ୟ ସରକାରଙ୍କ ପେନ୍‌ସନ ନୀତିର ଉଲ୍ଲଂଘନ। ଓୟୁଏଟି କର୍ତ୍ତୃପକ୍ଷ ଏହାର ସ୍ପଷ୍ଟୀକରଣ ଦିଅନ୍ତୁ ଏବଂ ପେନ୍‌ସନଭୋଗୀମାନଙ୍କୁ ସେମାନଙ୍କ ପ୍ରାପ୍ୟ କେବେ ମିଳିବ, ତାହା ପ୍ରକାଶ କରନ୍ତୁ।
ନଳିନୀକାନ୍ତ ପଟ୍ଟନାୟକ, ଭୁବନେଶ୍ୱର, ମୋ–୯୨୩୮୦୯୨୩୮
ରୋଗୀଙ୍କ ପ୍ରତି ଅବହେଳା
ଶ୍ରୀରାମଚନ୍ଦ୍ର ଭଞ୍ଜ ମେଡ଼ିକାଲରେ ଡାକ୍ତରଙ୍କ ମନୋଭାବ ଆଦୌ ଗ୍ରହଣୀୟ ନୁହେଁ। ଗର୍ଭବତୀ ମହିଳାଙ୍କୁ ରକ୍ତ ଆଣିବାକୁ କହି ଚିକିତ୍ସାରେ ଅଯଥା ବିଳମ୍ବ କରାଯିବାରୁ ରୋଗୀର ଅକସ୍ମାତ୍ ମୃତ୍ୟୁ ଘଟିଲା। ଶିଶୁମାନଙ୍କ ପ୍ରତି ମଧ୍ୟ ସେହିପରି ଅଣଦେଖା କରାଯାଉଛି। ରାଜ୍ୟ ସରକାର ୪୨୧ ପ୍ରକାର ଔଷଧ ମାଗଣାରେ ପ୍ରଦାନ କରୁଥିଲେ ମଧ୍ୟ ତାହା ଦିଆଯାଉ ନାହିଁ। ନିରାମୟ ଯୋଜନା ସଫଳ ହେବା କଷ୍ଟସାଧ୍ୟ ହେଉଛି।
ରମେଶ ଚନ୍ଦ୍ର ବେହେରା, ଆୟତପୁର, କିଶନନଗର, କଟକ
ଅସାବଧାନତା କାହିଁକି
ଓଡ଼ିଶା ବାହାରେ ରହୁଥିବା ପ୍ରତ୍ୟେକ ଓଡ଼ିଆ ତଥା ଦୂରସ୍ଥାନରୁ ଆସୁଥିବା ଲୋକମାନଙ୍କୁ ନିଶାଦିଆ ଲୁଟେରା ଟାର୍ଗେଟ କରୁଛନ୍ତି। ଏହା ପ୍ରତିଦିନ ଖବରକାଗଜର ପୃଷ୍ଠା ମଣ୍ଡନ କରୁଛି। ବାହାର ଲୋକଙ୍କଠାରୁ କିଛି ନ ଖାଇବା ପାଇଁ ରେଳଷ୍ଟେସନରେ ଲେଖାଯାଇଛି ଏବଂ ବାରମ୍ବାର ଘୋଷଣା ମଧ୍ୟ କରାଯାଉଛି। ମାତ୍ର ଗାଁକୁ ଫେରୁଥିବା ଯାତ୍ରୀମାନେ କିପରି ଏହା ଜାଣିପାରୁ ନାହାନ୍ତି? ଅଚିହ୍ନା ଲୋକ ସହିତ ବନ୍ଧୁତା ସ୍ଥାପନ କରି ତଥା ପାଞ୍ଚଟଙ୍କାର କପେ ଚା'ର ଲୋଭ ସମ୍ଭାଳି ନ ପାରି ଲୁଟ୍‌ର ଶିକାର ହେଉଛନ୍ତି। ଏ ପ୍ରକାର ଅସାବଧାନତା କାହିଁକି ?
ଅଶୋକ ରାଉଳ, ଅବଙ୍ଗ, ଅଣଖିଆ, ଜଗତସିଂହପୁର
ପାଠକ ଶ୍ରେଷ୍ଠ ବିଚାରକ ସ୍ତମ୍ଭକୁ ପତ୍ର ପଠାଇବାର ଠିକଣା:
ସମ୍ପାଦକ, ଧରିତ୍ରୀ,
ବି–୧୫, ରସୁଲଗଡ ଶିଳ୍ପାଞ୍ଚଳ, ଭୁବନେଶ୍ୱର–୭୫୧୦୧୦
କେବଳ ସମ୍ପାଦକଙ୍କୁ ପତ୍ର, ଖବର ପାଇଁ ବ୍ୟବହାର କରନ୍ତୁ:
E-mail:dharitripress@gmail.com
(Use only for letters to Editor, news & news photos)
କେବଳ ବିଜ୍ଞାପନ ପାଇଁ ବ୍ୟବହାର କରନ୍ତୁ:
E-mail:advt@dharitri.com
:miku11@yahoo.com(Use only for
advertisements, commercial queries)
ଧରିତ୍ରୀ
ପଚିଶ ବର୍ଷ
ତଳର ଧରିତ୍ରୀ
୧ ମେ
୧୯୯୧
➲ ସୋଭିଏତ୍ ପ୍ରଜାତନ୍ତ୍ର ଜର୍ଜିଆରେ ଭୂମିକମ୍ପ ଯୋଗୁଁ ୬୩ ମୃତ।
➲ ଏଲ୍‌ଟିଟିଇ ଆକ୍ରମଣରେ ଶ୍ରୀଲଙ୍କାରେ ୪୫ ସୈନ୍ୟ ନିହତ।
su do ku ସୁ–ଡୋ–କୁ
		3			4			2	A				D	
2					C	D					E		1	
	A	C	8			6	4	E						
			3	5	D		1	B	2			4	C	
	4	1			2			3					0	5
A	9		B			8			E		0	D		
					0		A			1				7
	B			2		9		6	8					E
	7		E		8	5	B			4	6			A
	8		1							A		5		
		4		0					3		7			
7			5	D				C		9			3	
	C						6			5	2			
		9			B		2	5		6				0
				3			8		C	D				
ଏହାର ଉତ୍ତର ଆସନ୍ତାକାଲି ପ୍ରକାଶ ପାଇବ
ଉପରେ ପ୍ରଦତ୍ତ ସୁଡୋକୁର ଏପରି ସମାଧାନ କରିବାକୁ ହେବ, ଯେପରି ପ୍ରତ୍ୟେକ ଧାଡ଼ି, ସ୍ତମ୍ଭ ଓ ଆୟତାକାର ବାକ୍ସ ଭିତରେ ୦ରୁ ୯ ପର୍ଯ୍ୟନ୍ତ ଅଙ୍କ ଓ Aରୁ E ପର୍ଯ୍ୟନ୍ତ ଇଂଲିଶ ଲିପି ରହିବ।
D0A294 3EC671B85
398AE5B26DC0147
5C17BD409E832A6
2643187 5DBA90EC
EB706C1A8245D39
A3C6812B47DE950
4EB5096813 2AC7D
152DC7E308 94A6B
689E2ADC750B314
7D043B59AC1682E
B13846C729ED50A
02EC53ADB167498
8A6172945 0BCED3
C7D9AE013458 6B2
945BD086EA327C1
ଗତକାଲିର ଉତ୍ତର
32
